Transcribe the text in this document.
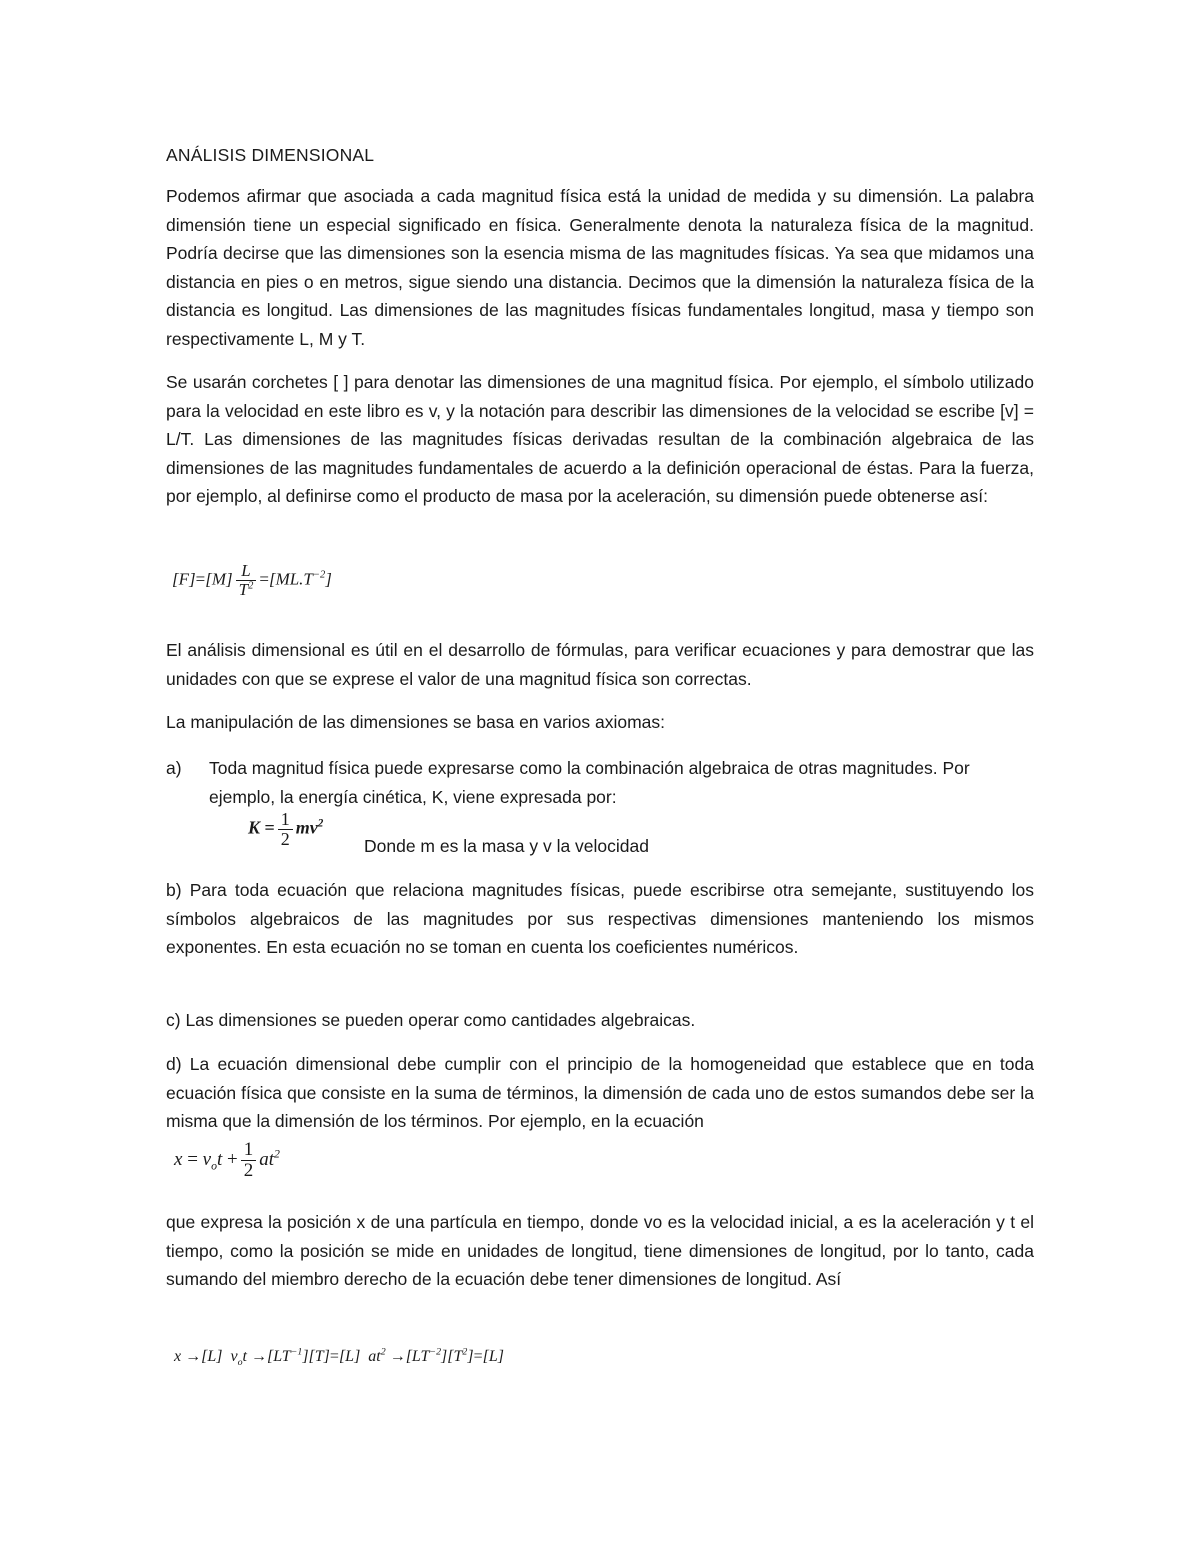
ANÁLISIS DIMENSIONAL
Podemos afirmar que asociada a cada magnitud física está la unidad de medida y su dimensión. La palabra dimensión tiene un especial significado en física. Generalmente denota la naturaleza física de la magnitud. Podría decirse que las dimensiones son la esencia misma de las magnitudes físicas. Ya sea que midamos una distancia en pies o en metros, sigue siendo una distancia. Decimos que la dimensión la naturaleza física de la distancia es longitud. Las dimensiones de las magnitudes físicas fundamentales longitud, masa y tiempo son respectivamente L, M y T.
Se usarán corchetes [ ] para denotar las dimensiones de una magnitud física. Por ejemplo, el símbolo utilizado para la velocidad en este libro es v, y la notación para describir las dimensiones de la velocidad se escribe [v] = L/T. Las dimensiones de las magnitudes físicas derivadas resultan de la combinación algebraica de las dimensiones de las magnitudes fundamentales de acuerdo a la definición operacional de éstas. Para la fuerza, por ejemplo, al definirse como el producto de masa por la aceleración, su dimensión puede obtenerse así:
$[F]=[M] \frac{L}{T^2} =[ML.T^{-2}]$
El análisis dimensional es útil en el desarrollo de fórmulas, para verificar ecuaciones y para demostrar que las unidades con que se exprese el valor de una magnitud física son correctas.
La manipulación de las dimensiones se basa en varios axiomas:
a) Toda magnitud física puede expresarse como la combinación algebraica de otras magnitudes. Por ejemplo, la energía cinética, K, viene expresada por:
$K = \frac{1}{2} mv^2$
Donde m es la masa y v la velocidad
b) Para toda ecuación que relaciona magnitudes físicas, puede escribirse otra semejante, sustituyendo los símbolos algebraicos de las magnitudes por sus respectivas dimensiones manteniendo los mismos exponentes. En esta ecuación no se toman en cuenta los coeficientes numéricos.
c) Las dimensiones se pueden operar como cantidades algebraicas.
d) La ecuación dimensional debe cumplir con el principio de la homogeneidad que establece que en toda ecuación física que consiste en la suma de términos, la dimensión de cada uno de estos sumandos debe ser la misma que la dimensión de los términos. Por ejemplo, en la ecuación
$x = v_ot + \frac{1}{2} at^2$
que expresa la posición x de una partícula en tiempo, donde vo es la velocidad inicial, a es la aceleración y t el tiempo, como la posición se mide en unidades de longitud, tiene dimensiones de longitud, por lo tanto, cada sumando del miembro derecho de la ecuación debe tener dimensiones de longitud. Así
x →[L] $v_ot \to[LT^{-1}][T]=[L]$ $at^2 \to[LT^{-2}][T^2]=[L]$
